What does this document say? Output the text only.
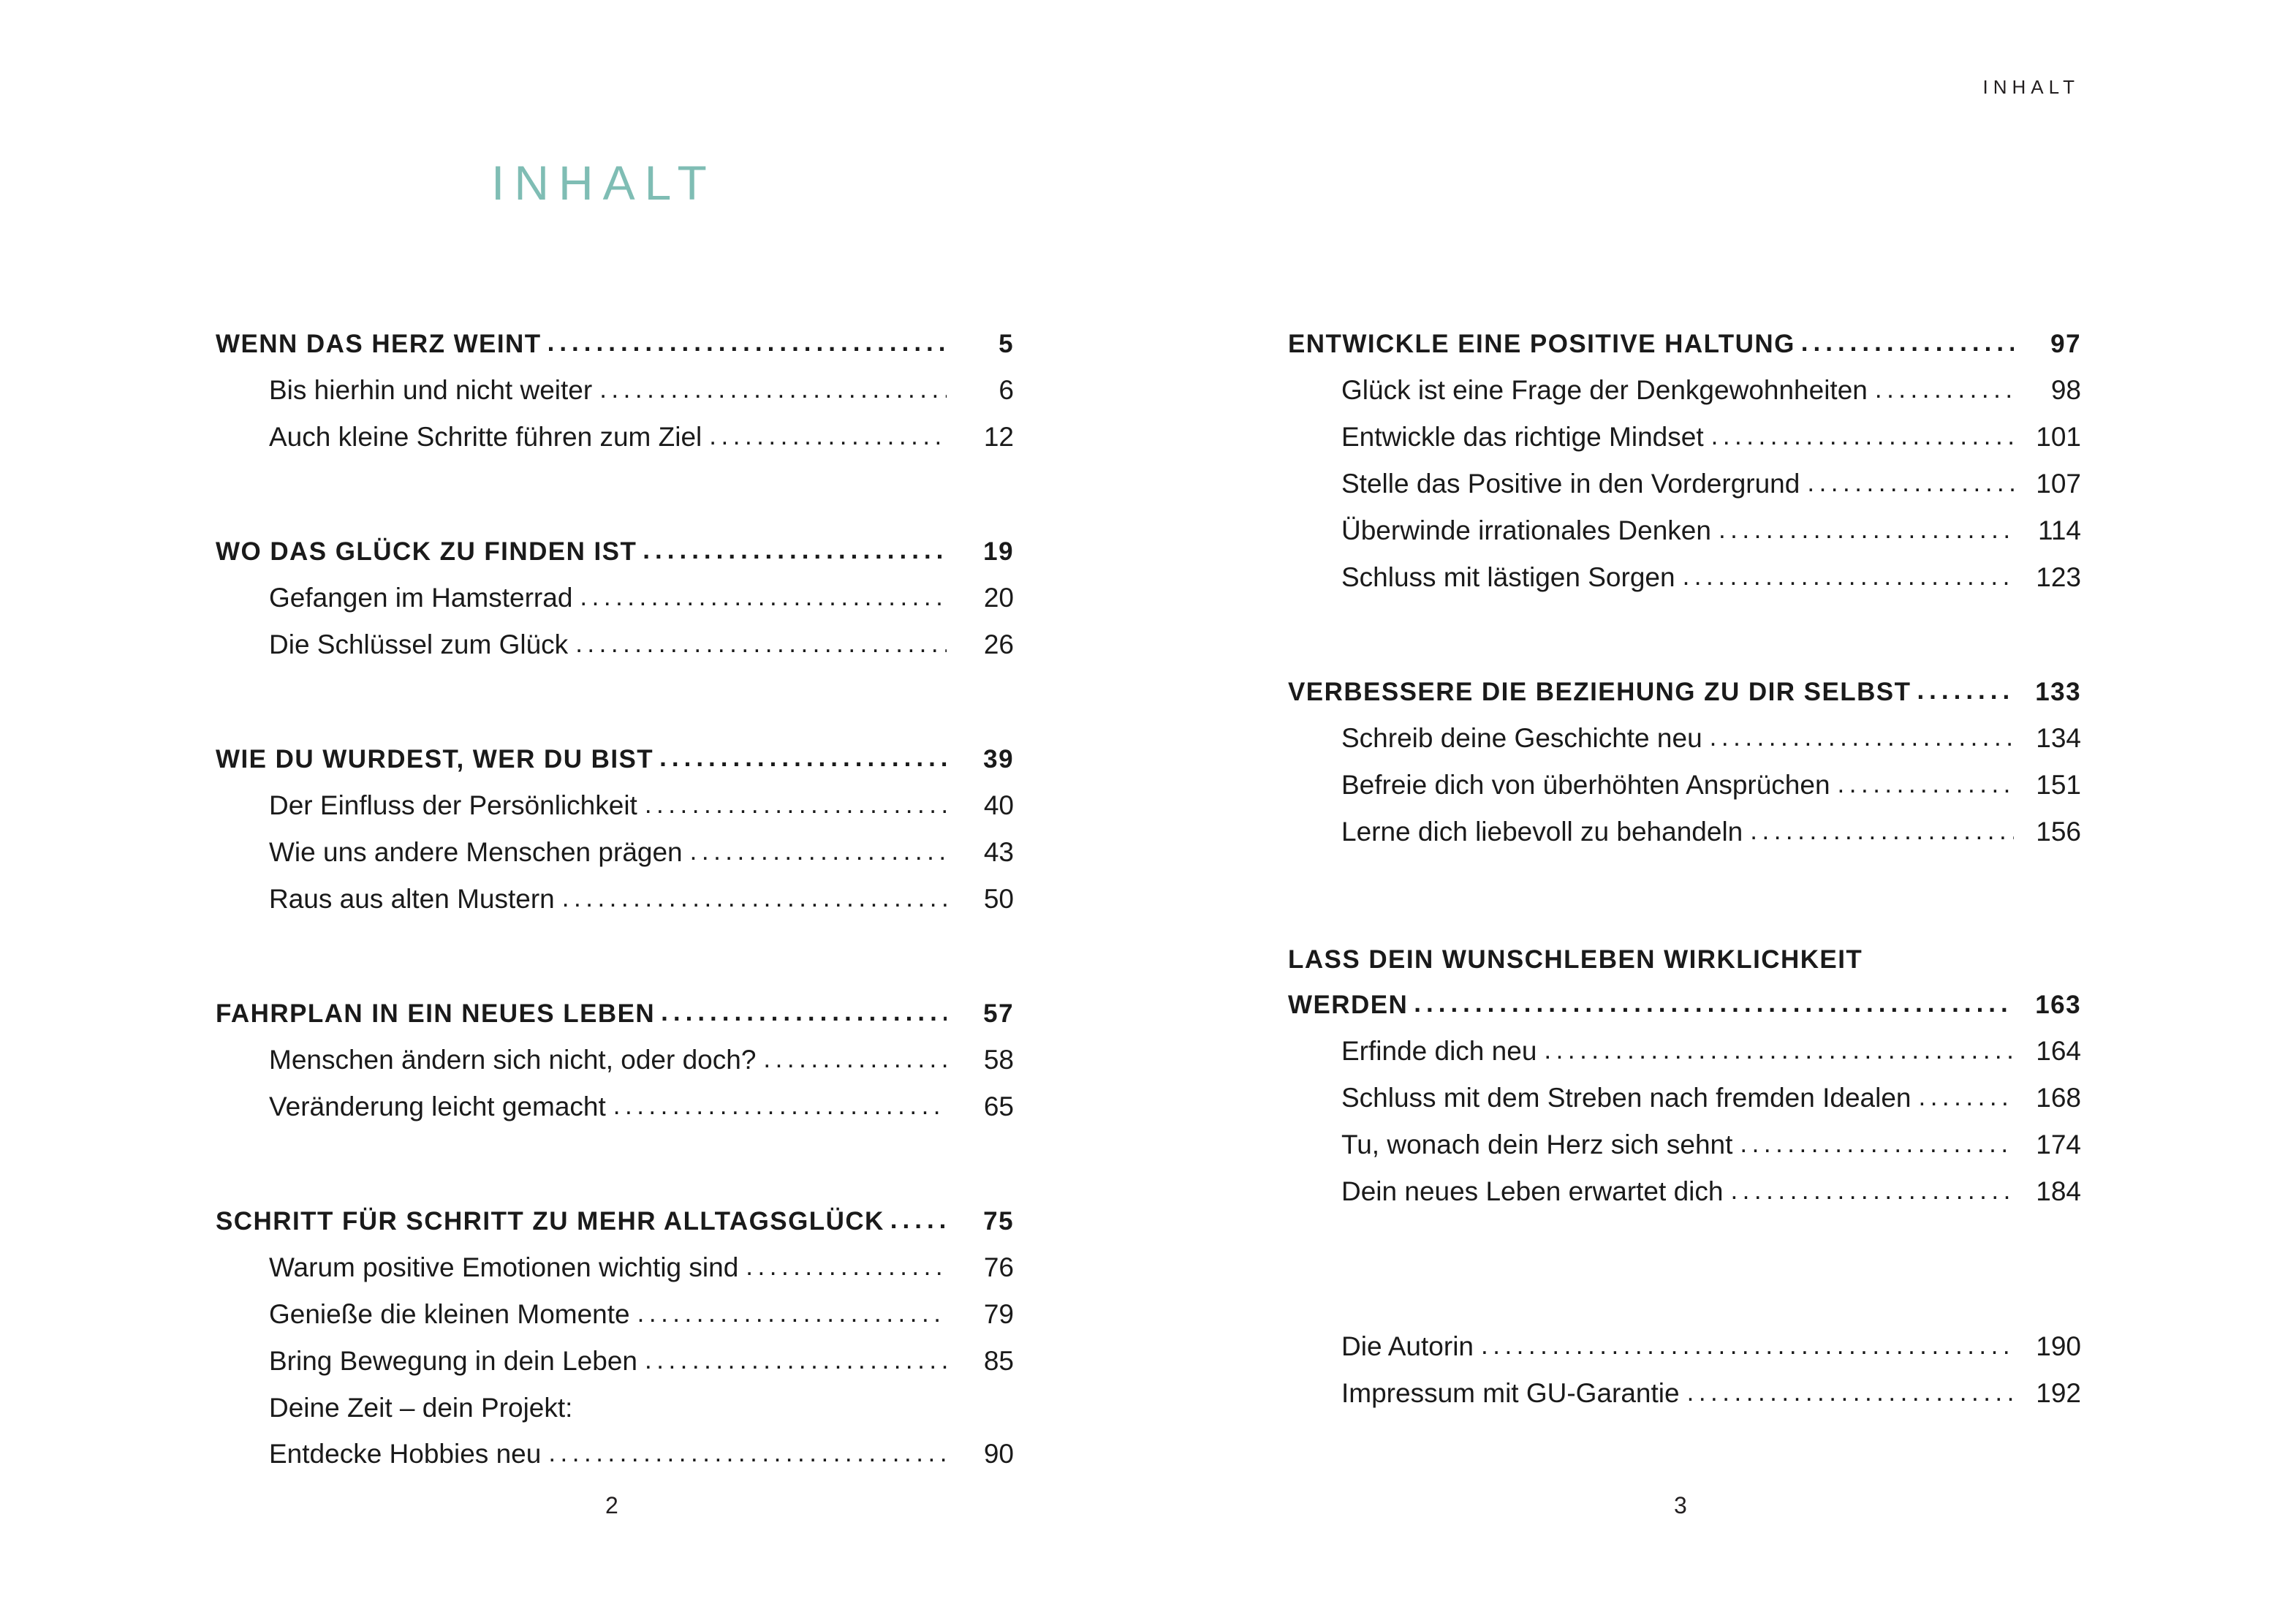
INHALT
INHALT
WENN DAS HERZ WEINT .....	5
Bis hierhin und nicht weiter .....	6
Auch kleine Schritte führen zum Ziel .....	12
WO DAS GLÜCK ZU FINDEN IST .....	19
Gefangen im Hamsterrad .....	20
Die Schlüssel zum Glück .....	26
WIE DU WURDEST, WER DU BIST .....	39
Der Einfluss der Persönlichkeit .....	40
Wie uns andere Menschen prägen .....	43
Raus aus alten Mustern .....	50
FAHRPLAN IN EIN NEUES LEBEN .....	57
Menschen ändern sich nicht, oder doch? .....	58
Veränderung leicht gemacht .....	65
SCHRITT FÜR SCHRITT ZU MEHR ALLTAGSGLÜCK .....	75
Warum positive Emotionen wichtig sind .....	76
Genieße die kleinen Momente .....	79
Bring Bewegung in dein Leben .....	85
Deine Zeit – dein Projekt:
Entdecke Hobbies neu .....	90
ENTWICKLE EINE POSITIVE HALTUNG .....	97
Glück ist eine Frage der Denkgewohnheiten .....	98
Entwickle das richtige Mindset .....	101
Stelle das Positive in den Vordergrund .....	107
Überwinde irrationales Denken .....	114
Schluss mit lästigen Sorgen .....	123
VERBESSERE DIE BEZIEHUNG ZU DIR SELBST .....	133
Schreib deine Geschichte neu .....	134
Befreie dich von überhöhten Ansprüchen .....	151
Lerne dich liebevoll zu behandeln .....	156
LASS DEIN WUNSCHLEBEN WIRKLICHKEIT
WERDEN .....	163
Erfinde dich neu .....	164
Schluss mit dem Streben nach fremden Idealen .....	168
Tu, wonach dein Herz sich sehnt .....	174
Dein neues Leben erwartet dich .....	184
Die Autorin .....	190
Impressum mit GU-Garantie .....	192
2	3
